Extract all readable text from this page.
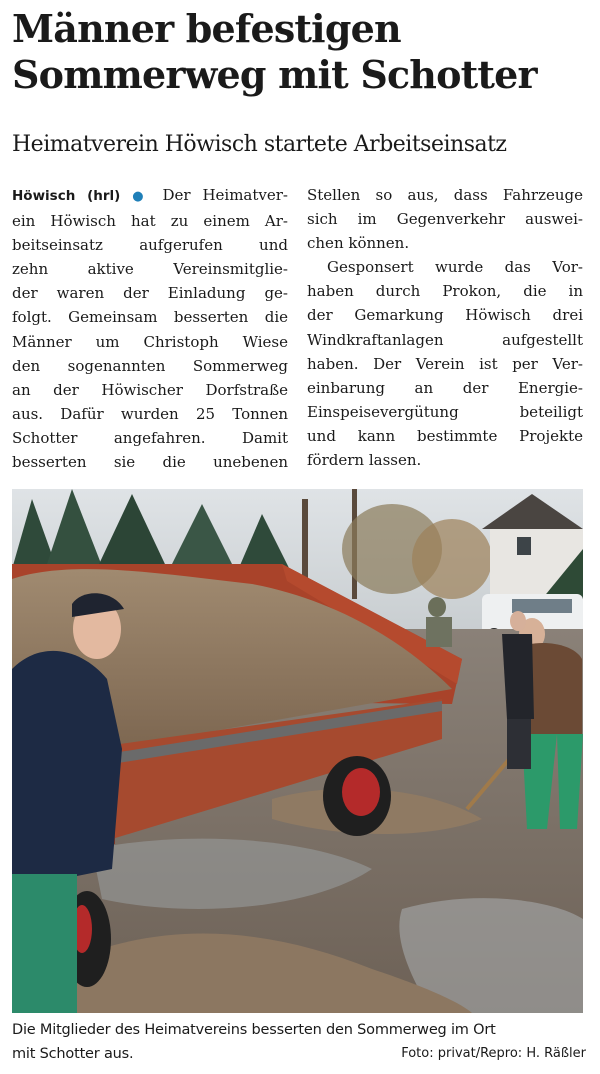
Männer befestigen
Sommerweg mit Schotter
Heimatverein Höwisch startete Arbeitseinsatz
Höwisch (hrl) ● Der Heimatver-
ein Höwisch hat zu einem Ar-
beitseinsatz aufgerufen und
zehn aktive Vereinsmitglie-
der waren der Einladung ge-
folgt. Gemeinsam besserten die
Männer um Christoph Wiese
den sogenannten Sommerweg
an der Höwischer Dorfstraße
aus. Dafür wurden 25 Tonnen
Schotter angefahren. Damit
besserten sie die unebenen
Stellen so aus, dass Fahrzeuge
sich im Gegenverkehr auswei-
chen können.
Gesponsert wurde das Vor-
haben durch Prokon, die in
der Gemarkung Höwisch drei
Windkraftanlagen aufgestellt
haben. Der Verein ist per Ver-
einbarung an der Energie-
Einspeisevergütung beteiligt
und kann bestimmte Projekte
fördern lassen.

Die Mitglieder des Heimatvereins besserten den Sommerweg im Ort
mit Schotter aus.	Foto: privat/Repro: H. Räßler
